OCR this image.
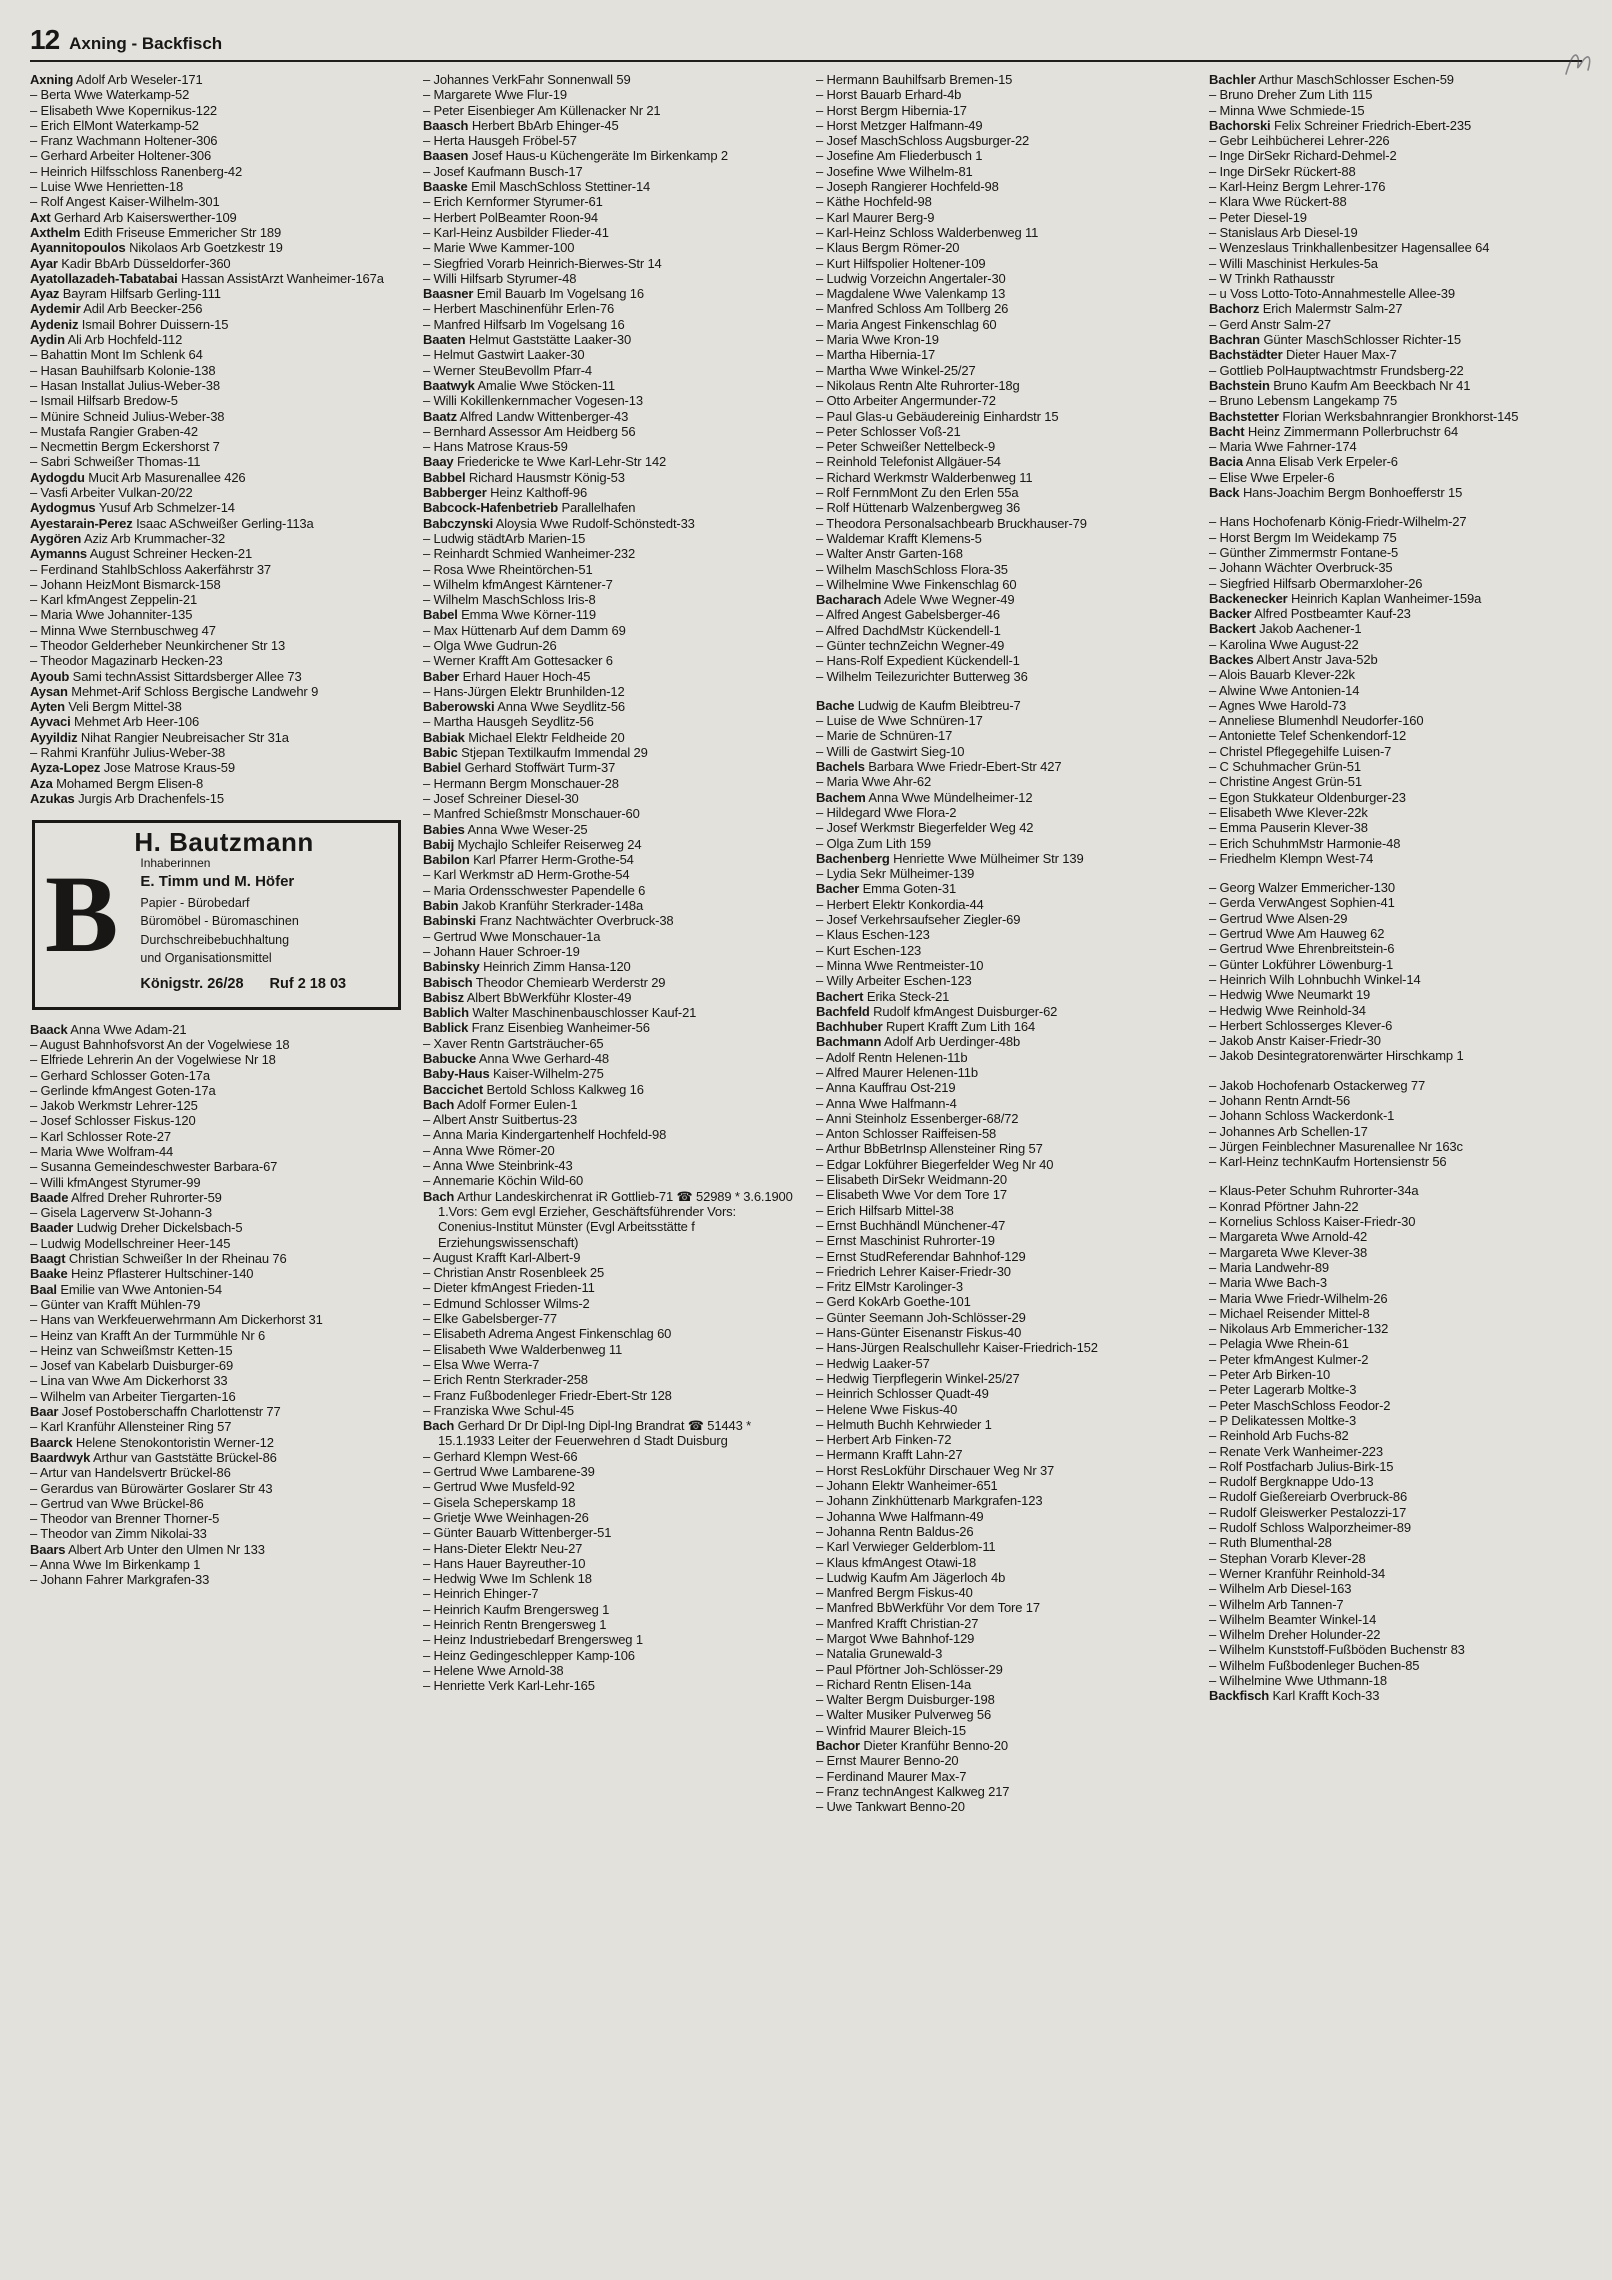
12 Axning - Backfisch
Axning Adolf Arb Weseler-171
– Berta Wwe Waterkamp-52
– Elisabeth Wwe Kopernikus-122
– Erich ElMont Waterkamp-52
– Franz Wachmann Holtener-306
– Gerhard Arbeiter Holtener-306
– Heinrich Hilfsschloss Ranenberg-42
– Luise Wwe Henrietten-18
– Rolf Angest Kaiser-Wilhelm-301
Axt Gerhard Arb Kaiserswerther-109
Axthelm Edith Friseuse Emmericher Str 189
Ayannitopoulos Nikolaos Arb Goetzkestr 19
Ayar Kadir BbArb Düsseldorfer-360
Ayatollazadeh-Tabatabai Hassan AssistArzt Wanheimer-167a
Ayaz Bayram Hilfsarb Gerling-111
Aydemir Adil Arb Beecker-256
Aydeniz Ismail Bohrer Duissern-15
Aydin Ali Arb Hochfeld-112
– Bahattin Mont Im Schlenk 64
– Hasan Bauhilfsarb Kolonie-138
– Hasan Installat Julius-Weber-38
– Ismail Hilfsarb Bredow-5
– Münire Schneid Julius-Weber-38
– Mustafa Rangier Graben-42
– Necmettin Bergm Eckershorst 7
– Sabri Schweißer Thomas-11
Aydogdu Mucit Arb Masurenallee 426
– Vasfi Arbeiter Vulkan-20/22
Aydogmus Yusuf Arb Schmelzer-14
Ayestarain-Perez Isaac ASchweißer Gerling-113a
Aygören Aziz Arb Krummacher-32
Aymanns August Schreiner Hecken-21
– Ferdinand StahlbSchloss Aakerfährstr 37
– Johann HeizMont Bismarck-158
– Karl kfmAngest Zeppelin-21
– Maria Wwe Johanniter-135
– Minna Wwe Sternbuschweg 47
– Theodor Gelderheber Neunkirchener Str 13
– Theodor Magazinarb Hecken-23
Ayoub Sami technAssist Sittardsberger Allee 73
Aysan Mehmet-Arif Schloss Bergische Landwehr 9
Ayten Veli Bergm Mittel-38
Ayvaci Mehmet Arb Heer-106
Ayyildiz Nihat Rangier Neubreisacher Str 31a
– Rahmi Kranführ Julius-Weber-38
Ayza-Lopez Jose Matrose Kraus-59
Aza Mohamed Bergm Elisen-8
Azukas Jurgis Arb Drachenfels-15
B
H. Bautzmann
Inhaberinnen
E. Timm und M. Höfer
Papier - Bürobedarf
Büromöbel - Büromaschinen
Durchschreibebuchhaltung
und Organisationsmittel
Königstr. 26/28 Ruf 2 18 03
Baack Anna Wwe Adam-21
– August Bahnhofsvorst An der Vogelwiese 18
– Elfriede Lehrerin An der Vogelwiese Nr 18
– Gerhard Schlosser Goten-17a
– Gerlinde kfmAngest Goten-17a
– Jakob Werkmstr Lehrer-125
– Josef Schlosser Fiskus-120
– Karl Schlosser Rote-27
– Maria Wwe Wolfram-44
– Susanna Gemeindeschwester Barbara-67
– Willi kfmAngest Styrumer-99
Baade Alfred Dreher Ruhrorter-59
– Gisela Lagerverw St-Johann-3
Baader Ludwig Dreher Dickelsbach-5
– Ludwig Modellschreiner Heer-145
Baagt Christian Schweißer In der Rheinau 76
Baake Heinz Pflasterer Hultschiner-140
Baal Emilie van Wwe Antonien-54
– Günter van Krafft Mühlen-79
– Hans van Werkfeuerwehrmann Am Dickerhorst 31
– Heinz van Krafft An der Turmmühle Nr 6
– Heinz van Schweißmstr Ketten-15
– Josef van Kabelarb Duisburger-69
– Lina van Wwe Am Dickerhorst 33
– Wilhelm van Arbeiter Tiergarten-16
Baar Josef Postoberschaffn Charlottenstr 77
– Karl Kranführ Allensteiner Ring 57
Baarck Helene Stenokontoristin Werner-12
Baardwyk Arthur van Gaststätte Brückel-86
– Artur van Handelsvertr Brückel-86
– Gerardus van Bürowärter Goslarer Str 43
– Gertrud van Wwe Brückel-86
– Theodor van Brenner Thorner-5
– Theodor van Zimm Nikolai-33
Baars Albert Arb Unter den Ulmen Nr 133
– Anna Wwe Im Birkenkamp 1
– Johann Fahrer Markgrafen-33
– Johannes VerkFahr Sonnenwall 59
– Margarete Wwe Flur-19
– Peter Eisenbieger Am Küllenacker Nr 21
Baasch Herbert BbArb Ehinger-45
– Herta Hausgeh Fröbel-57
Baasen Josef Haus-u Küchengeräte Im Birkenkamp 2
– Josef Kaufmann Busch-17
Baaske Emil MaschSchloss Stettiner-14
– Erich Kernformer Styrumer-61
– Herbert PolBeamter Roon-94
– Karl-Heinz Ausbilder Flieder-41
– Marie Wwe Kammer-100
– Siegfried Vorarb Heinrich-Bierwes-Str 14
– Willi Hilfsarb Styrumer-48
Baasner Emil Bauarb Im Vogelsang 16
– Herbert Maschinenführ Erlen-76
– Manfred Hilfsarb Im Vogelsang 16
Baaten Helmut Gaststätte Laaker-30
– Helmut Gastwirt Laaker-30
– Werner SteuBevollm Pfarr-4
Baatwyk Amalie Wwe Stöcken-11
– Willi Kokillenkernmacher Vogesen-13
Baatz Alfred Landw Wittenberger-43
– Bernhard Assessor Am Heidberg 56
– Hans Matrose Kraus-59
Baay Friedericke te Wwe Karl-Lehr-Str 142
Babbel Richard Hausmstr König-53
Babberger Heinz Kalthoff-96
Babcock-Hafenbetrieb Parallelhafen
Babczynski Aloysia Wwe Rudolf-Schönstedt-33
– Ludwig städtArb Marien-15
– Reinhardt Schmied Wanheimer-232
– Rosa Wwe Rheintörchen-51
– Wilhelm kfmAngest Kärntener-7
– Wilhelm MaschSchloss Iris-8
Babel Emma Wwe Körner-119
– Max Hüttenarb Auf dem Damm 69
– Olga Wwe Gudrun-26
– Werner Krafft Am Gottesacker 6
Baber Erhard Hauer Hoch-45
– Hans-Jürgen Elektr Brunhilden-12
Baberowski Anna Wwe Seydlitz-56
– Martha Hausgeh Seydlitz-56
Babiak Michael Elektr Feldheide 20
Babic Stjepan Textilkaufm Immendal 29
Babiel Gerhard Stoffwärt Turm-37
– Hermann Bergm Monschauer-28
– Josef Schreiner Diesel-30
– Manfred Schießmstr Monschauer-60
Babies Anna Wwe Weser-25
Babij Mychajlo Schleifer Reiserweg 24
Babilon Karl Pfarrer Herm-Grothe-54
– Karl Werkmstr aD Herm-Grothe-54
– Maria Ordensschwester Papendelle 6
Babin Jakob Kranführ Sterkrader-148a
Babinski Franz Nachtwächter Overbruck-38
– Gertrud Wwe Monschauer-1a
– Johann Hauer Schroer-19
Babinsky Heinrich Zimm Hansa-120
Babisch Theodor Chemiearb Werderstr 29
Babisz Albert BbWerkführ Kloster-49
Bablich Walter Maschinenbauschlosser Kauf-21
Bablick Franz Eisenbieg Wanheimer-56
– Xaver Rentn Gartsträucher-65
Babucke Anna Wwe Gerhard-48
Baby-Haus Kaiser-Wilhelm-275
Baccichet Bertold Schloss Kalkweg 16
Bach Adolf Former Eulen-1
– Albert Anstr Suitbertus-23
– Anna Maria Kindergartenhelf Hochfeld-98
– Anna Wwe Römer-20
– Anna Wwe Steinbrink-43
– Annemarie Köchin Wild-60
Bach Arthur Landeskirchenrat iR Gottlieb-71 ☎ 52989 * 3.6.1900 1.Vors: Gem evgl Erzieher, Geschäftsführender Vors: Conenius-Institut Münster (Evgl Arbeitsstätte f Erziehungswissenschaft)
– August Krafft Karl-Albert-9
– Christian Anstr Rosenbleek 25
– Dieter kfmAngest Frieden-11
– Edmund Schlosser Wilms-2
– Elke Gabelsberger-77
– Elisabeth Adrema Angest Finkenschlag 60
– Elisabeth Wwe Walderbenweg 11
– Elsa Wwe Werra-7
– Erich Rentn Sterkrader-258
– Franz Fußbodenleger Friedr-Ebert-Str 128
– Franziska Wwe Schul-45
Bach Gerhard Dr Dr Dipl-Ing Dipl-Ing Brandrat ☎ 51443 * 15.1.1933 Leiter der Feuerwehren d Stadt Duisburg
– Gerhard Klempn West-66
– Gertrud Wwe Lambarene-39
– Gertrud Wwe Musfeld-92
– Gisela Scheperskamp 18
– Grietje Wwe Weinhagen-26
– Günter Bauarb Wittenberger-51
– Hans-Dieter Elektr Neu-27
– Hans Hauer Bayreuther-10
– Hedwig Wwe Im Schlenk 18
– Heinrich Ehinger-7
– Heinrich Kaufm Brengersweg 1
– Heinrich Rentn Brengersweg 1
– Heinz Industriebedarf Brengersweg 1
– Heinz Gedingeschlepper Kamp-106
– Helene Wwe Arnold-38
– Henriette Verk Karl-Lehr-165
– Hermann Bauhilfsarb Bremen-15
– Horst Bauarb Erhard-4b
– Horst Bergm Hibernia-17
– Horst Metzger Halfmann-49
– Josef MaschSchloss Augsburger-22
– Josefine Am Fliederbusch 1
– Josefine Wwe Wilhelm-81
– Joseph Rangierer Hochfeld-98
– Käthe Hochfeld-98
– Karl Maurer Berg-9
– Karl-Heinz Schloss Walderbenweg 11
– Klaus Bergm Römer-20
– Kurt Hilfspolier Holtener-109
– Ludwig Vorzeichn Angertaler-30
– Magdalene Wwe Valenkamp 13
– Manfred Schloss Am Tollberg 26
– Maria Angest Finkenschlag 60
– Maria Wwe Kron-19
– Martha Hibernia-17
– Martha Wwe Winkel-25/27
– Nikolaus Rentn Alte Ruhrorter-18g
– Otto Arbeiter Angermunder-72
– Paul Glas-u Gebäudereinig Einhardstr 15
– Peter Schlosser Voß-21
– Peter Schweißer Nettelbeck-9
– Reinhold Telefonist Allgäuer-54
– Richard Werkmstr Walderbenweg 11
– Rolf FernmMont Zu den Erlen 55a
– Rolf Hüttenarb Walzenbergweg 36
– Theodora Personalsachbearb Bruckhauser-79
– Waldemar Krafft Klemens-5
– Walter Anstr Garten-168
– Wilhelm MaschSchloss Flora-35
– Wilhelmine Wwe Finkenschlag 60
Bacharach Adele Wwe Wegner-49
– Alfred Angest Gabelsberger-46
– Alfred DachdMstr Kückendell-1
– Günter technZeichn Wegner-49
– Hans-Rolf Expedient Kückendell-1
– Wilhelm Teilezurichter Butterweg 36
Bache Ludwig de Kaufm Bleibtreu-7
– Luise de Wwe Schnüren-17
– Marie de Schnüren-17
– Willi de Gastwirt Sieg-10
Bachels Barbara Wwe Friedr-Ebert-Str 427
– Maria Wwe Ahr-62
Bachem Anna Wwe Mündelheimer-12
– Hildegard Wwe Flora-2
– Josef Werkmstr Biegerfelder Weg 42
– Olga Zum Lith 159
Bachenberg Henriette Wwe Mülheimer Str 139
– Lydia Sekr Mülheimer-139
Bacher Emma Goten-31
– Herbert Elektr Konkordia-44
– Josef Verkehrsaufseher Ziegler-69
– Klaus Eschen-123
– Kurt Eschen-123
– Minna Wwe Rentmeister-10
– Willy Arbeiter Eschen-123
Bachert Erika Steck-21
Bachfeld Rudolf kfmAngest Duisburger-62
Bachhuber Rupert Krafft Zum Lith 164
Bachmann Adolf Arb Uerdinger-48b
– Adolf Rentn Helenen-11b
– Alfred Maurer Helenen-11b
– Anna Kauffrau Ost-219
– Anna Wwe Halfmann-4
– Anni Steinholz Essenberger-68/72
– Anton Schlosser Raiffeisen-58
– Arthur BbBetrInsp Allensteiner Ring 57
– Edgar Lokführer Biegerfelder Weg Nr 40
– Elisabeth DirSekr Weidmann-20
– Elisabeth Wwe Vor dem Tore 17
– Erich Hilfsarb Mittel-38
– Ernst Buchhändl Münchener-47
– Ernst Maschinist Ruhrorter-19
– Ernst StudReferendar Bahnhof-129
– Friedrich Lehrer Kaiser-Friedr-30
– Fritz ElMstr Karolinger-3
– Gerd KokArb Goethe-101
– Günter Seemann Joh-Schlösser-29
– Hans-Günter Eisenanstr Fiskus-40
– Hans-Jürgen Realschullehr Kaiser-Friedrich-152
– Hedwig Laaker-57
– Hedwig Tierpflegerin Winkel-25/27
– Heinrich Schlosser Quadt-49
– Helene Wwe Fiskus-40
– Helmuth Buchh Kehrwieder 1
– Herbert Arb Finken-72
– Hermann Krafft Lahn-27
– Horst ResLokführ Dirschauer Weg Nr 37
– Johann Elektr Wanheimer-651
– Johann Zinkhüttenarb Markgrafen-123
– Johanna Wwe Halfmann-49
– Johanna Rentn Baldus-26
– Karl Verwieger Gelderblom-11
– Klaus kfmAngest Otawi-18
– Ludwig Kaufm Am Jägerloch 4b
– Manfred Bergm Fiskus-40
– Manfred BbWerkführ Vor dem Tore 17
– Manfred Krafft Christian-27
– Margot Wwe Bahnhof-129
– Natalia Grunewald-3
– Paul Pförtner Joh-Schlösser-29
– Richard Rentn Elisen-14a
– Walter Bergm Duisburger-198
– Walter Musiker Pulverweg 56
– Winfrid Maurer Bleich-15
Bachor Dieter Kranführ Benno-20
– Ernst Maurer Benno-20
– Ferdinand Maurer Max-7
– Franz technAngest Kalkweg 217
– Uwe Tankwart Benno-20
Bachler Arthur MaschSchlosser Eschen-59
– Bruno Dreher Zum Lith 115
– Minna Wwe Schmiede-15
Bachorski Felix Schreiner Friedrich-Ebert-235
– Gebr Leihbücherei Lehrer-226
– Inge DirSekr Richard-Dehmel-2
– Inge DirSekr Rückert-88
– Karl-Heinz Bergm Lehrer-176
– Klara Wwe Rückert-88
– Peter Diesel-19
– Stanislaus Arb Diesel-19
– Wenzeslaus Trinkhallenbesitzer Hagensallee 64
– Willi Maschinist Herkules-5a
– W Trinkh Rathausstr
– u Voss Lotto-Toto-Annahmestelle Allee-39
Bachorz Erich Malermstr Salm-27
– Gerd Anstr Salm-27
Bachran Günter MaschSchlosser Richter-15
Bachstädter Dieter Hauer Max-7
– Gottlieb PolHauptwachtmstr Frundsberg-22
Bachstein Bruno Kaufm Am Beeckbach Nr 41
– Bruno Lebensm Langekamp 75
Bachstetter Florian Werksbahnrangier Bronkhorst-145
Bacht Heinz Zimmermann Pollerbruchstr 64
– Maria Wwe Fahrner-174
Bacia Anna Elisab Verk Erpeler-6
– Elise Wwe Erpeler-6
Back Hans-Joachim Bergm Bonhoefferstr 15
– Hans Hochofenarb König-Friedr-Wilhelm-27
– Horst Bergm Im Weidekamp 75
– Günther Zimmermstr Fontane-5
– Johann Wächter Overbruck-35
– Siegfried Hilfsarb Obermarxloher-26
Backenecker Heinrich Kaplan Wanheimer-159a
Backer Alfred Postbeamter Kauf-23
Backert Jakob Aachener-1
– Karolina Wwe August-22
Backes Albert Anstr Java-52b
– Alois Bauarb Klever-22k
– Alwine Wwe Antonien-14
– Agnes Wwe Harold-73
– Anneliese Blumenhdl Neudorfer-160
– Antoniette Telef Schenkendorf-12
– Christel Pflegegehilfe Luisen-7
– C Schuhmacher Grün-51
– Christine Angest Grün-51
– Egon Stukkateur Oldenburger-23
– Elisabeth Wwe Klever-22k
– Emma Pauserin Klever-38
– Erich SchuhmMstr Harmonie-48
– Friedhelm Klempn West-74
– Georg Walzer Emmericher-130
– Gerda VerwAngest Sophien-41
– Gertrud Wwe Alsen-29
– Gertrud Wwe Am Hauweg 62
– Gertrud Wwe Ehrenbreitstein-6
– Günter Lokführer Löwenburg-1
– Heinrich Wilh Lohnbuchh Winkel-14
– Hedwig Wwe Neumarkt 19
– Hedwig Wwe Reinhold-34
– Herbert Schlosserges Klever-6
– Jakob Anstr Kaiser-Friedr-30
– Jakob Desintegratorenwärter Hirschkamp 1
– Jakob Hochofenarb Ostackerweg 77
– Johann Rentn Arndt-56
– Johann Schloss Wackerdonk-1
– Johannes Arb Schellen-17
– Jürgen Feinblechner Masurenallee Nr 163c
– Karl-Heinz technKaufm Hortensienstr 56
– Klaus-Peter Schuhm Ruhrorter-34a
– Konrad Pförtner Jahn-22
– Kornelius Schloss Kaiser-Friedr-30
– Margareta Wwe Arnold-42
– Margareta Wwe Klever-38
– Maria Landwehr-89
– Maria Wwe Bach-3
– Maria Wwe Friedr-Wilhelm-26
– Michael Reisender Mittel-8
– Nikolaus Arb Emmericher-132
– Pelagia Wwe Rhein-61
– Peter kfmAngest Kulmer-2
– Peter Arb Birken-10
– Peter Lagerarb Moltke-3
– Peter MaschSchloss Feodor-2
– P Delikatessen Moltke-3
– Reinhold Arb Fuchs-82
– Renate Verk Wanheimer-223
– Rolf Postfacharb Julius-Birk-15
– Rudolf Bergknappe Udo-13
– Rudolf Gießereiarb Overbruck-86
– Rudolf Gleiswerker Pestalozzi-17
– Rudolf Schloss Walporzheimer-89
– Ruth Blumenthal-28
– Stephan Vorarb Klever-28
– Werner Kranführ Reinhold-34
– Wilhelm Arb Diesel-163
– Wilhelm Arb Tannen-7
– Wilhelm Beamter Winkel-14
– Wilhelm Dreher Holunder-22
– Wilhelm Kunststoff-Fußböden Buchenstr 83
– Wilhelm Fußbodenleger Buchen-85
– Wilhelmine Wwe Uthmann-18
Backfisch Karl Krafft Koch-33
